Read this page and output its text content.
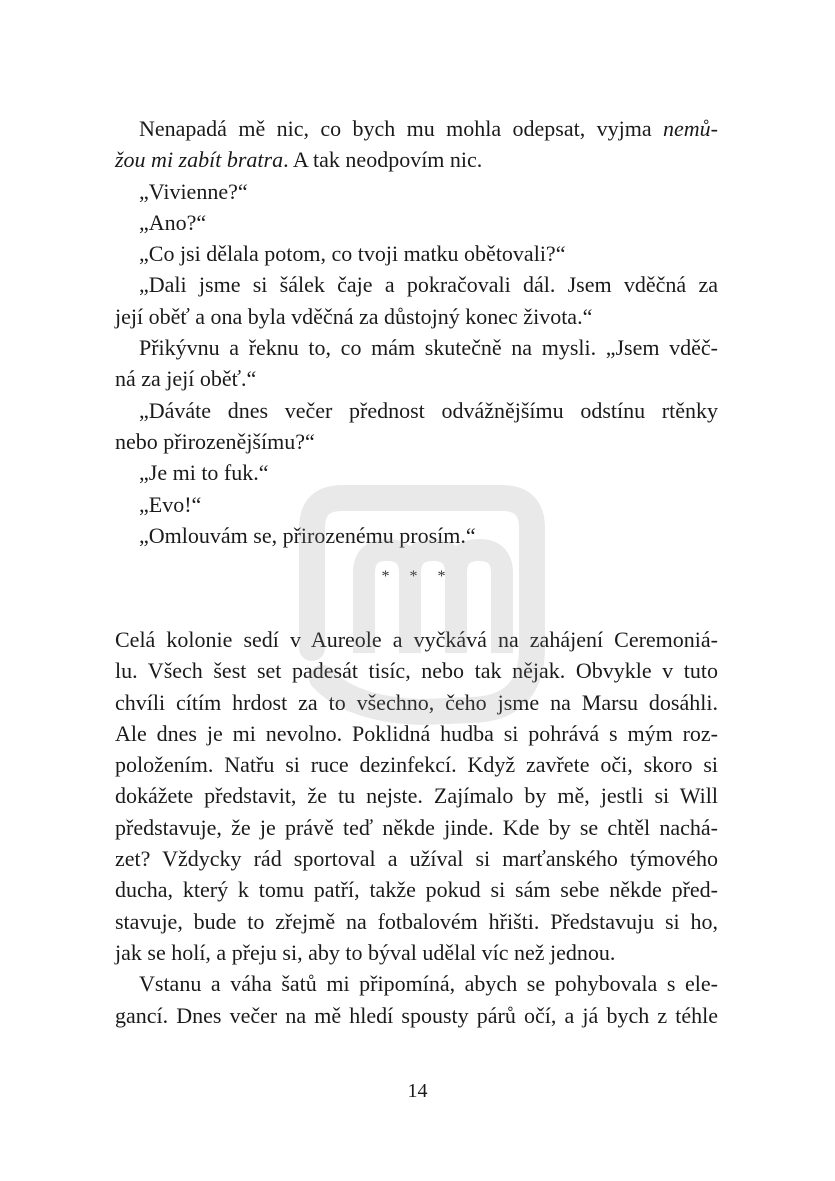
Nenapadá mě nic, co bych mu mohla odepsat, vyjma nemů-
žou mi zabít bratra. A tak neodpovím nic.
„Vivienne?“
„Ano?“
„Co jsi dělala potom, co tvoji matku obětovali?“
„Dali jsme si šálek čaje a pokračovali dál. Jsem vděčná za
její oběť a ona byla vděčná za důstojný konec života.“
Přikývnu a řeknu to, co mám skutečně na mysli. „Jsem vděč-
ná za její oběť.“
„Dáváte dnes večer přednost odvážnějšímu odstínu rtěnky
nebo přirozenějšímu?“
„Je mi to fuk.“
„Evo!“
„Omlouvám se, přirozenému prosím.“
* * *
Celá kolonie sedí v Aureole a vyčkává na zahájení Ceremoniá-
lu. Všech šest set padesát tisíc, nebo tak nějak. Obvykle v tuto
chvíli cítím hrdost za to všechno, čeho jsme na Marsu dosáhli.
Ale dnes je mi nevolno. Poklidná hudba si pohrává s mým roz-
položením. Natřu si ruce dezinfekcí. Když zavřete oči, skoro si
dokážete představit, že tu nejste. Zajímalo by mě, jestli si Will
představuje, že je právě teď někde jinde. Kde by se chtěl nachá-
zet? Vždycky rád sportoval a užíval si marťanského týmového
ducha, který k tomu patří, takže pokud si sám sebe někde před-
stavuje, bude to zřejmě na fotbalovém hřišti. Představuju si ho,
jak se holí, a přeju si, aby to býval udělal víc než jednou.
Vstanu a váha šatů mi připomíná, abych se pohybovala s ele-
gancí. Dnes večer na mě hledí spousty párů očí, a já bych z téhle
14
